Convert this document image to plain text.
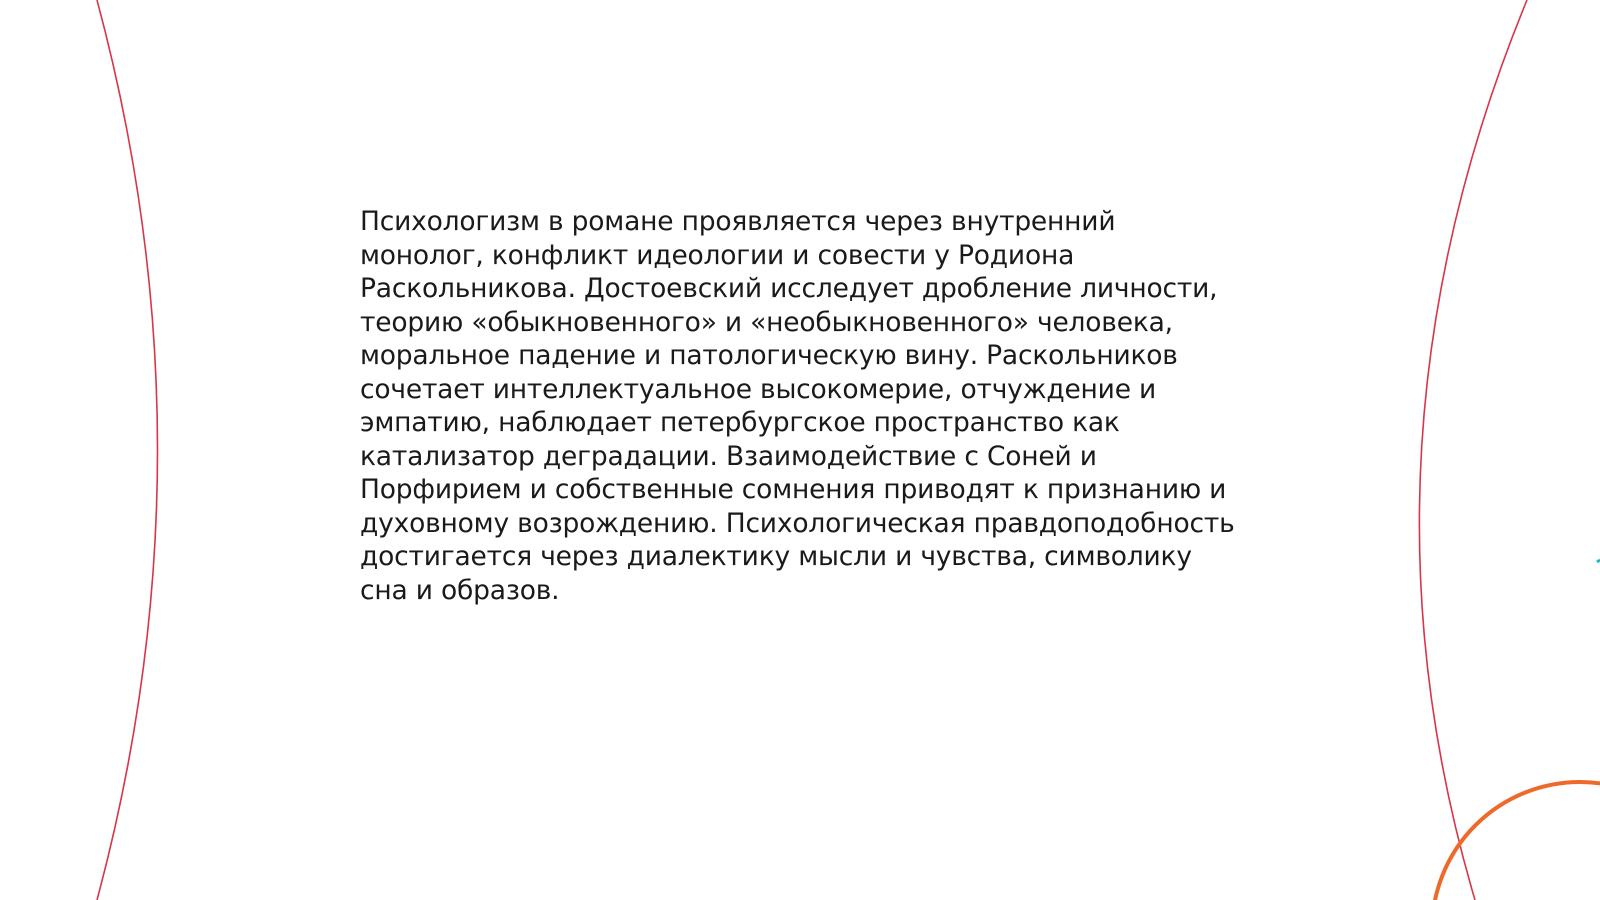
Психологизм в романе проявляется через внутренний монолог, конфликт идеологии и совести у Родиона Раскольникова. Достоевский исследует дробление личности, теорию «обыкновенного» и «необыкновенного» человека, моральное падение и патологическую вину. Раскольников сочетает интеллектуальное высокомерие, отчуждение и эмпатию, наблюдает петербургское пространство как катализатор деградации. Взаимодействие с Соней и Порфирием и собственные сомнения приводят к признанию и духовному возрождению. Психологическая правдоподобность достигается через диалектику мысли и чувства, символику сна и образов.
